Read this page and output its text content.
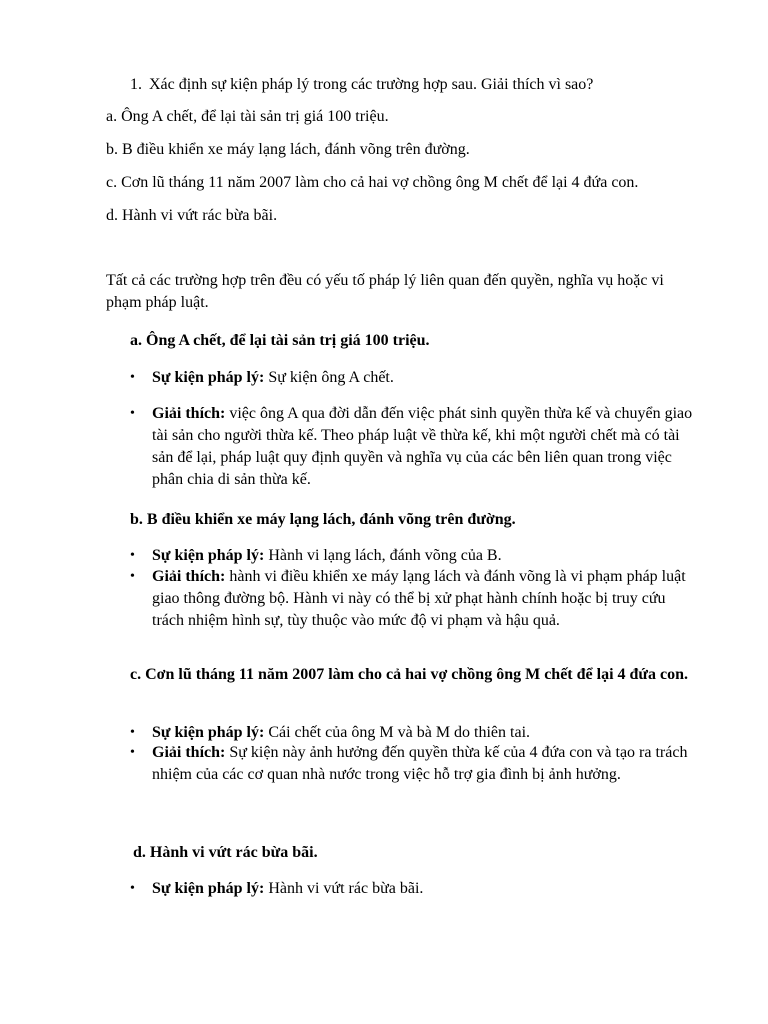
1. Xác định sự kiện pháp lý trong các trường hợp sau. Giải thích vì sao?
a. Ông A chết, để lại tài sản trị giá 100 triệu.
b. B điều khiển xe máy lạng lách, đánh võng trên đường.
c. Cơn lũ tháng 11 năm 2007 làm cho cả hai vợ chồng ông M chết để lại 4 đứa con.
d. Hành vi vứt rác bừa bãi.
Tất cả các trường hợp trên đều có yếu tố pháp lý liên quan đến quyền, nghĩa vụ hoặc vi phạm pháp luật.
a. Ông A chết, để lại tài sản trị giá 100 triệu.
• Sự kiện pháp lý: Sự kiện ông A chết.
• Giải thích: việc ông A qua đời dẫn đến việc phát sinh quyền thừa kế và chuyển giao tài sản cho người thừa kế. Theo pháp luật về thừa kế, khi một người chết mà có tài sản để lại, pháp luật quy định quyền và nghĩa vụ của các bên liên quan trong việc phân chia di sản thừa kế.
b. B điều khiển xe máy lạng lách, đánh võng trên đường.
• Sự kiện pháp lý: Hành vi lạng lách, đánh võng của B.
• Giải thích: hành vi điều khiển xe máy lạng lách và đánh võng là vi phạm pháp luật giao thông đường bộ. Hành vi này có thể bị xử phạt hành chính hoặc bị truy cứu trách nhiệm hình sự, tùy thuộc vào mức độ vi phạm và hậu quả.
c. Cơn lũ tháng 11 năm 2007 làm cho cả hai vợ chồng ông M chết để lại 4 đứa con.
• Sự kiện pháp lý: Cái chết của ông M và bà M do thiên tai.
• Giải thích: Sự kiện này ảnh hưởng đến quyền thừa kế của 4 đứa con và tạo ra trách nhiệm của các cơ quan nhà nước trong việc hỗ trợ gia đình bị ảnh hưởng.
d. Hành vi vứt rác bừa bãi.
• Sự kiện pháp lý: Hành vi vứt rác bừa bãi.
